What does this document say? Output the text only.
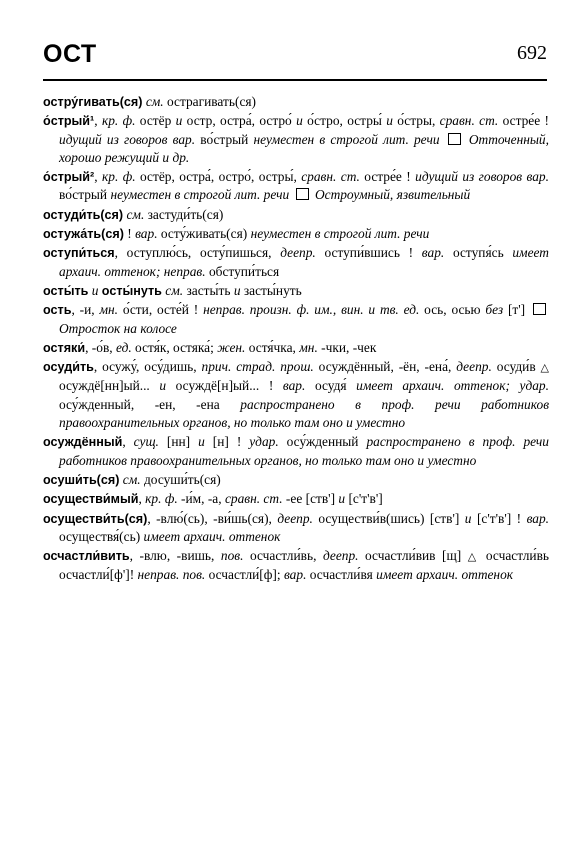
ОСТ	692
остру́гивать(ся) см. острагивать(ся)
о́стрый¹, кр. ф. остёр и остр, остра́, остро́ и о́стро, остры́ и о́стры, сравн. ст. остре́е ! идущий из говоров вар. во́стрый неуместен в строгой лит. речи Отточенный, хорошо режущий и др.
о́стрый², кр. ф. остёр, остра́, остро́, остры́, сравн. ст. остре́е ! идущий из говоров вар. во́стрый неуместен в строгой лит. речи Остроумный, язвительный
остуди́ть(ся) см. застуди́ть(ся)
остужа́ть(ся) ! вар. осту́живать(ся) неуместен в строгой лит. речи
оступи́ться, оступлю́сь, осту́пишься, деепр. оступи́вшись ! вар. оступя́сь имеет архаич. оттенок; неправ. обступи́ться
осты́ть и осты́нуть см. засты́ть и засты́нуть
ость, -и, мн. о́сти, осте́й ! неправ. произн. ф. им., вин. и тв. ед. ось, осью без [т']  Отросток на колосе
остяки́, -о́в, ед. остя́к, остяка́; жен. остя́чка, мн. -чки, -чек
осуди́ть, осужу́, осу́дишь, прич. страд. прош. осуждённый, -ён, -ена́, деепр. осуди́в △ осуждё[нн]ый... и осуждё[н]ый... ! вар. осудя́ имеет архаич. оттенок; удар. осу́жденный, -ен, -ена распространено в проф. речи работников правоохранительных органов, но только там оно и уместно
осуждённый, сущ. [нн] и [н] ! удар. осу́жденный распространено в проф. речи работников правоохранительных органов, но только там оно и уместно
осуши́ть(ся) см. досуши́ть(ся)
осуществи́мый, кр. ф. -и́м, -а, сравн. ст. -ее [ств'] и [с'т'в']
осуществи́ть(ся), -влю́(сь), -ви́шь(ся), деепр. осуществи́в(шись) [ств'] и [с'т'в'] ! вар. осуществя́(сь) имеет архаич. оттенок
осчастли́вить, -влю, -вишь, пов. осчастли́вь, деепр. осчастли́вив [щ] △ осчастли́вь осчастли́[ф']! неправ. пов. осчастли́[ф]; вар. осчастли́вя имеет архаич. оттенок
